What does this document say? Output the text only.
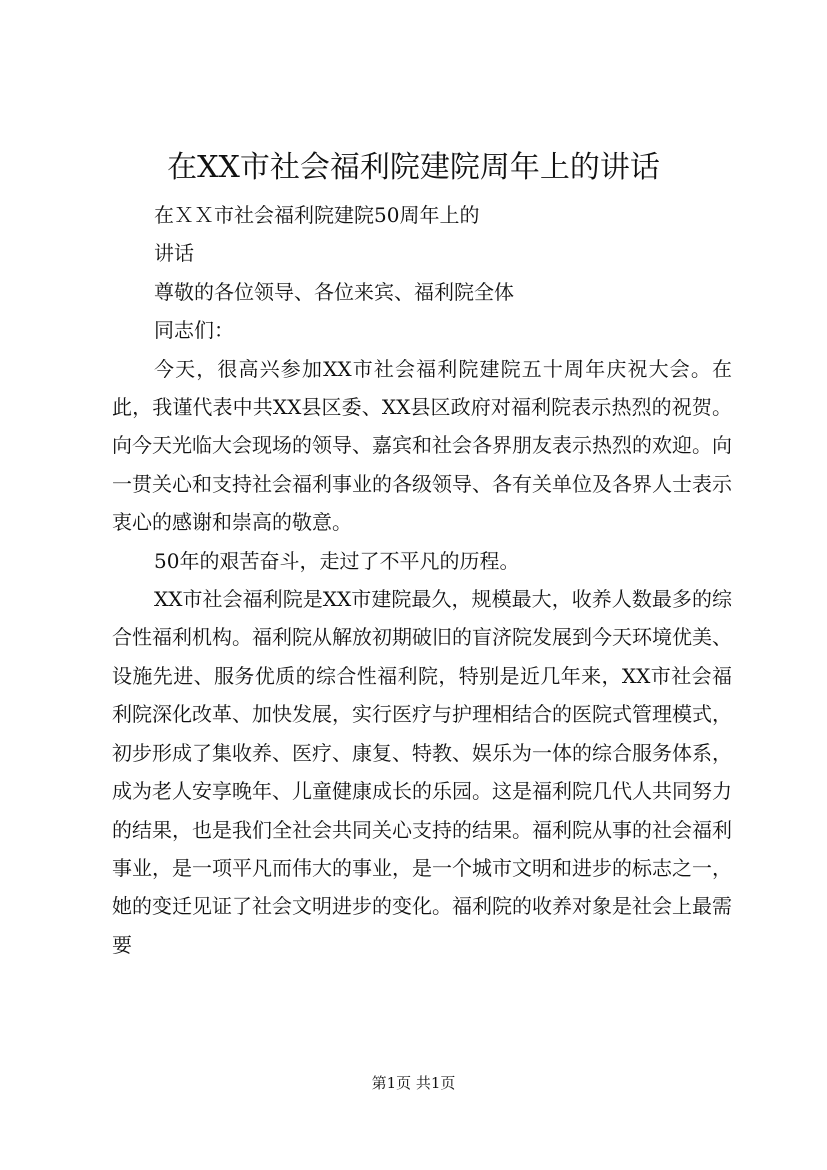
在XX市社会福利院建院周年上的讲话

在ＸＸ市社会福利院建院50周年上的

讲话

尊敬的各位领导、各位来宾、福利院全体

同志们：

今天，很高兴参加XX市社会福利院建院五十周年庆祝大会。在此，我谨代表中共XX县区委、XX县区政府对福利院表示热烈的祝贺。向今天光临大会现场的领导、嘉宾和社会各界朋友表示热烈的欢迎。向一贯关心和支持社会福利事业的各级领导、各有关单位及各界人士表示衷心的感谢和崇高的敬意。

50年的艰苦奋斗，走过了不平凡的历程。

XX市社会福利院是XX市建院最久，规模最大，收养人数最多的综合性福利机构。福利院从解放初期破旧的盲济院发展到今天环境优美、设施先进、服务优质的综合性福利院，特别是近几年来，XX市社会福利院深化改革、加快发展，实行医疗与护理相结合的医院式管理模式，初步形成了集收养、医疗、康复、特教、娱乐为一体的综合服务体系，成为老人安享晚年、儿童健康成长的乐园。这是福利院几代人共同努力的结果，也是我们全社会共同关心支持的结果。福利院从事的社会福利事业，是一项平凡而伟大的事业，是一个城市文明和进步的标志之一，她的变迁见证了社会文明进步的变化。福利院的收养对象是社会上最需要

第1页 共1页
